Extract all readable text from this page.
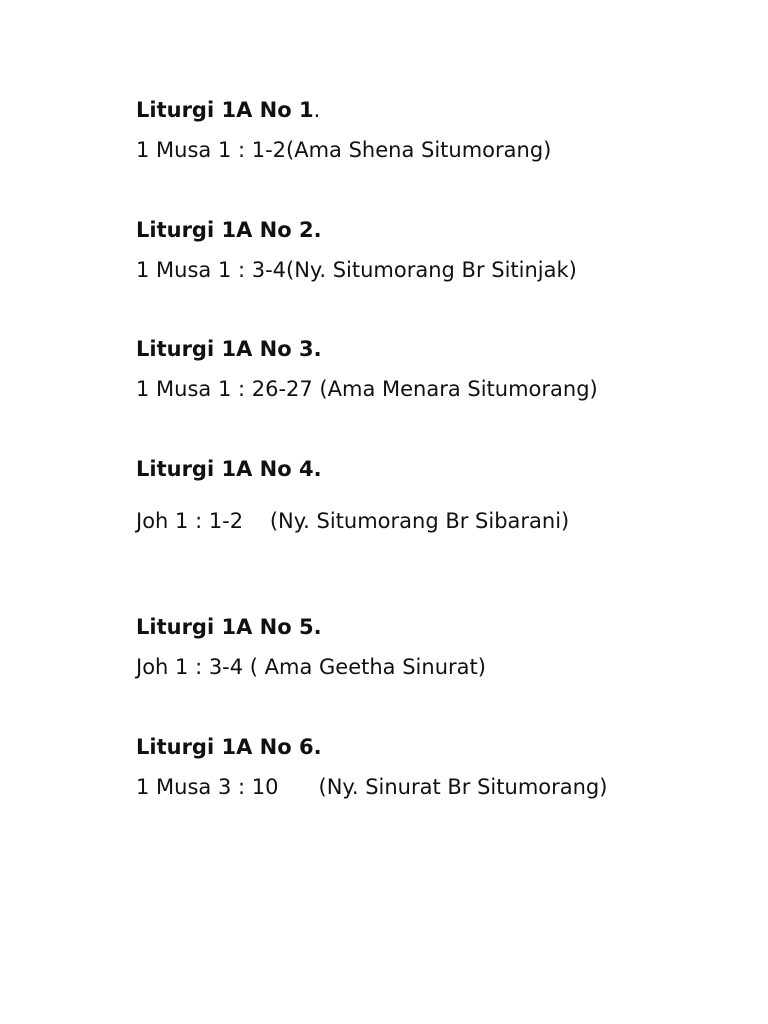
Liturgi 1A No 1.
1 Musa 1 : 1-2(Ama Shena Situmorang)
Liturgi 1A No 2.
1 Musa 1 : 3-4(Ny. Situmorang Br Sitinjak)
Liturgi 1A No 3.
1 Musa 1 : 26-27 (Ama Menara Situmorang)
Liturgi 1A No 4.
Joh 1 : 1-2    (Ny. Situmorang Br Sibarani)
Liturgi 1A No 5.
Joh 1 : 3-4 ( Ama Geetha Sinurat)
Liturgi 1A No 6.
1 Musa 3 : 10      (Ny. Sinurat Br Situmorang)
